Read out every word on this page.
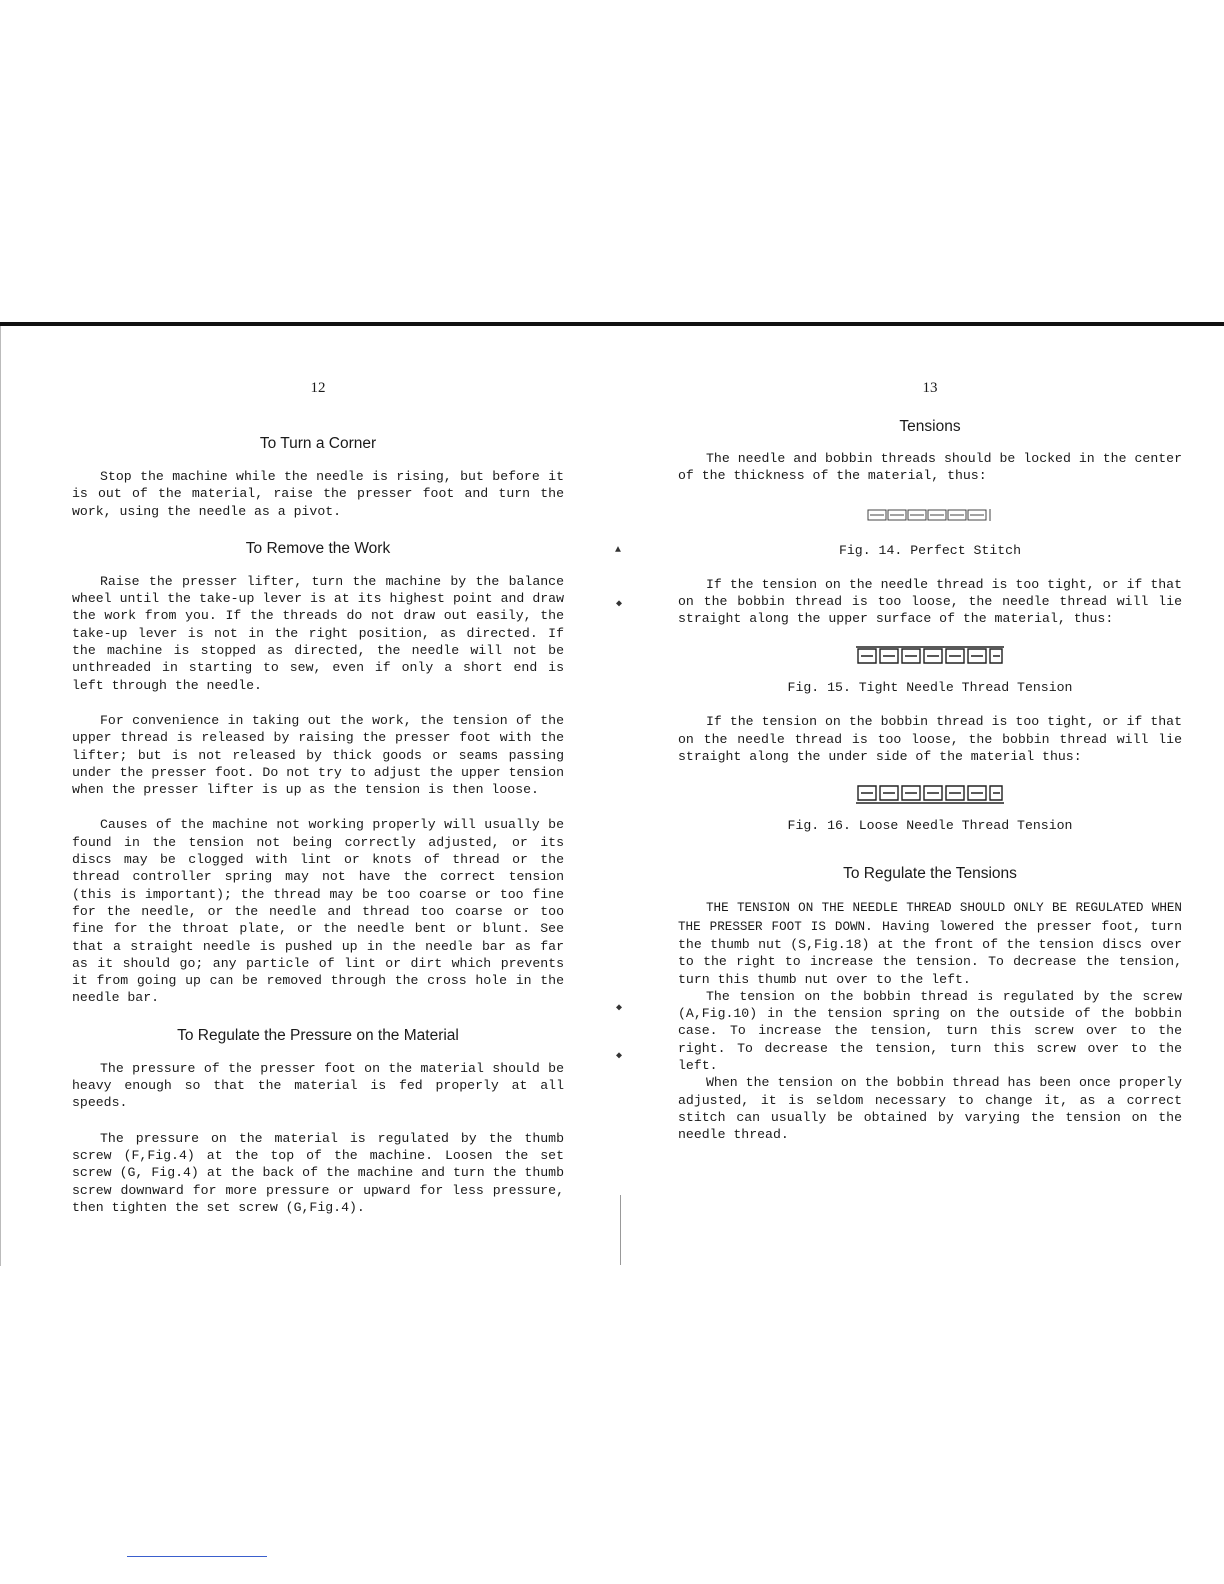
▲
◆
◆
◆
12
To Turn a Corner

Stop the machine while the needle is rising, but before it is out of the material, raise the presser foot and turn the work, using the needle as a pivot.

To Remove the Work

Raise the presser lifter, turn the machine by the balance wheel until the take-up lever is at its highest point and draw the work from you. If the threads do not draw out easily, the take-up lever is not in the right position, as directed. If the machine is stopped as directed, the needle will not be unthreaded in starting to sew, even if only a short end is left through the needle.

For convenience in taking out the work, the tension of the upper thread is released by raising the presser foot with the lifter; but is not released by thick goods or seams passing under the presser foot. Do not try to adjust the upper tension when the presser lifter is up as the tension is then loose.

Causes of the machine not working properly will usually be found in the tension not being correctly adjusted, or its discs may be clogged with lint or knots of thread or the thread controller spring may not have the correct tension (this is important); the thread may be too coarse or too fine for the needle, or the needle and thread too coarse or too fine for the throat plate, or the needle bent or blunt. See that a straight needle is pushed up in the needle bar as far as it should go; any particle of lint or dirt which prevents it from going up can be removed through the cross hole in the needle bar.

To Regulate the Pressure on the Material

The pressure of the presser foot on the material should be heavy enough so that the material is fed properly at all speeds.

The pressure on the material is regulated by the thumb screw (F,Fig.4) at the top of the machine. Loosen the set screw (G, Fig.4) at the back of the machine and turn the thumb screw downward for more pressure or upward for less pressure, then tighten the set screw (G,Fig.4).

13
Tensions

The needle and bobbin threads should be locked in the center of the thickness of the material, thus:

Fig. 14. Perfect Stitch

If the tension on the needle thread is too tight, or if that on the bobbin thread is too loose, the needle thread will lie straight along the upper surface of the material, thus:

Fig. 15. Tight Needle Thread Tension

If the tension on the bobbin thread is too tight, or if that on the needle thread is too loose, the bobbin thread will lie straight along the under side of the material thus:

Fig. 16. Loose Needle Thread Tension
To Regulate the Tensions

THE TENSION ON THE NEEDLE THREAD SHOULD ONLY BE REGULATED WHEN THE PRESSER FOOT IS DOWN. Having lowered the presser foot, turn the thumb nut (S,Fig.18) at the front of the tension discs over to the right to increase the tension. To decrease the tension, turn this thumb nut over to the left.

The tension on the bobbin thread is regulated by the screw (A,Fig.10) in the tension spring on the outside of the bobbin case. To increase the tension, turn this screw over to the right. To decrease the tension, turn this screw over to the left.

When the tension on the bobbin thread has been once properly adjusted, it is seldom necessary to change it, as a correct stitch can usually be obtained by varying the tension on the needle thread.
